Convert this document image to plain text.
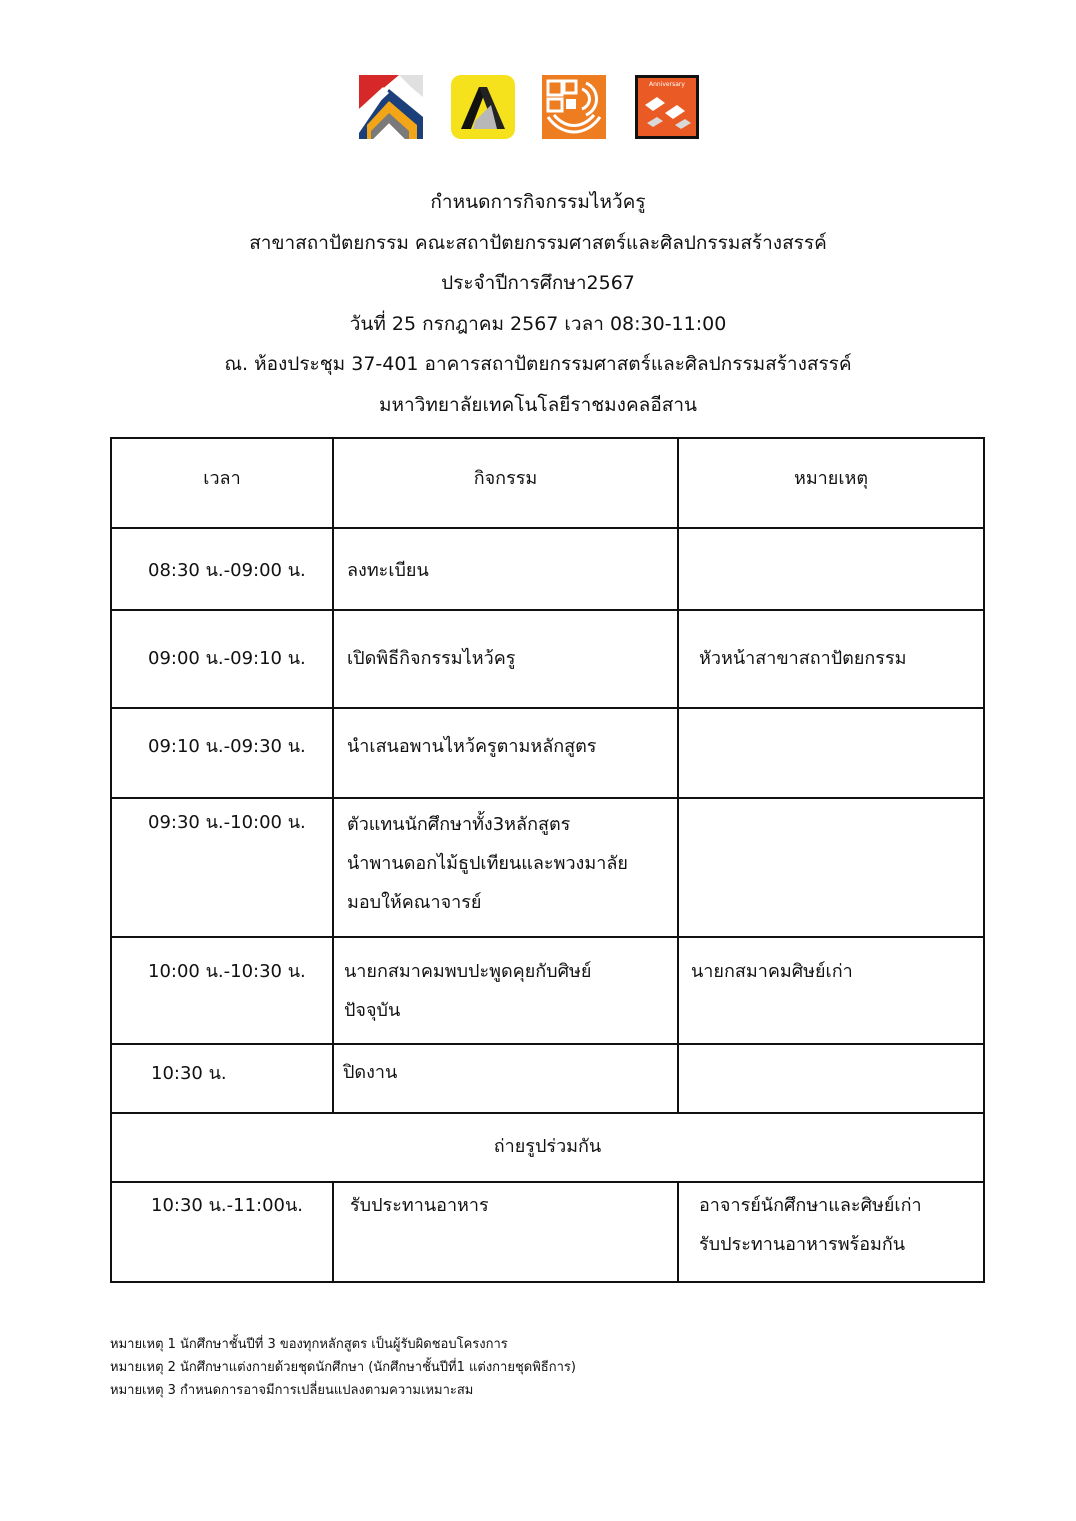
Anniversary
กำหนดการกิจกรรมไหว้ครู
สาขาสถาปัตยกรรม คณะสถาปัตยกรรมศาสตร์และศิลปกรรมสร้างสรรค์
ประจำปีการศึกษา2567
วันที่ 25 กรกฎาคม 2567 เวลา 08:30-11:00
ณ. ห้องประชุม 37-401 อาคารสถาปัตยกรรมศาสตร์และศิลปกรรมสร้างสรรค์
มหาวิทยาลัยเทคโนโลยีราชมงคลอีสาน
เวลา	กิจกรรม	หมายเหตุ

08:30 น.-09:00 น.	ลงทะเบียน	

09:00 น.-09:10 น.	เปิดพิธีกิจกรรมไหว้ครู	หัวหน้าสาขาสถาปัตยกรรม

09:10 น.-09:30 น.	นำเสนอพานไหว้ครูตามหลักสูตร	

09:30 น.-10:00 น.	ตัวแทนนักศึกษาทั้ง3หลักสูตร
นำพานดอกไม้ธูปเทียนและพวงมาลัย
มอบให้คณาจารย์	

10:00 น.-10:30 น.	นายกสมาคมพบปะพูดคุยกับศิษย์
ปัจจุบัน	นายกสมาคมศิษย์เก่า

10:30 น.	ปิดงาน	

ถ่ายรูปร่วมกัน		

10:30 น.-11:00น.	รับประทานอาหาร	อาจารย์นักศึกษาและศิษย์เก่า
รับประทานอาหารพร้อมกัน
หมายเหตุ 1 นักศึกษาชั้นปีที่ 3 ของทุกหลักสูตร เป็นผู้รับผิดชอบโครงการ
หมายเหตุ 2 นักศึกษาแต่งกายด้วยชุดนักศึกษา (นักศึกษาชั้นปีที่1 แต่งกายชุดพิธีการ)
หมายเหตุ 3 กำหนดการอาจมีการเปลี่ยนแปลงตามความเหมาะสม
